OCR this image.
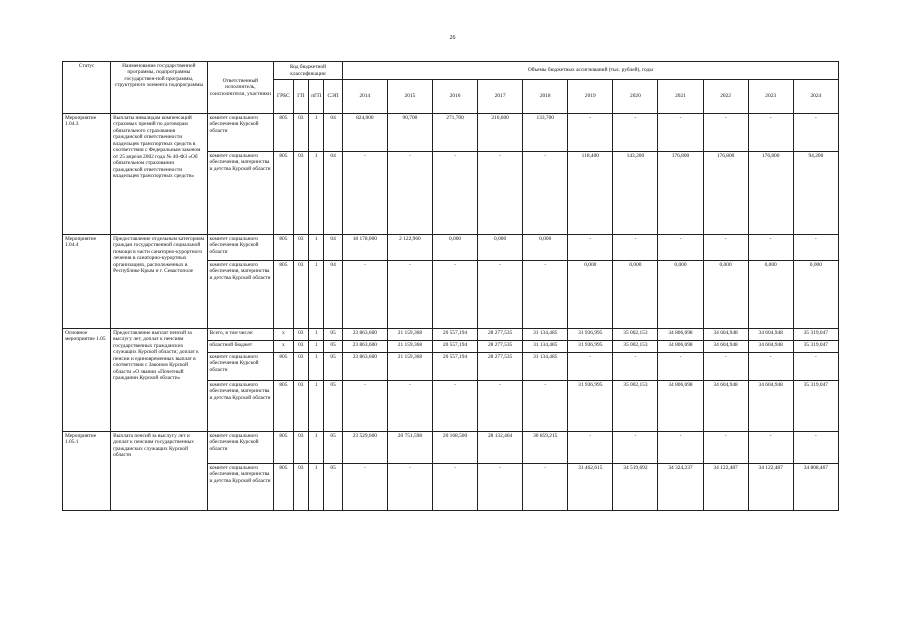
26
Статус	Наименование государственной программы, подпрограммы государствен-ной программы, структурного элемента подпрограммы	Ответственный исполнитель, соисполнители, участники	Код бюджетной классификации				Объемы бюджетных ассигнований (тыс. рублей), годы										
			ГРБС	ГП	пГП	СЭП	2014	2015	2016	2017	2018	2019	2020	2021	2022	2023	2024
Мероприятие 1.04.3	Выплаты инвалидам компенсаций страховых премий по договорам обязательного страхования гражданской ответственности владельцев транспортных средств в соответствии с Федеральным законом от 25 апреля 2002 года № 40-ФЗ «Об обязательном страховании гражданской ответственности владельцев транспортных средств»	комитет социального обеспечения Курской области	805	03	1	04	824,000	90,700	271,700	216,600	133,700	-	-	-	-	-	-
		комитет социального обеспечения, материнства и детства Курской области	805	03	1	04	-	-	-	-	-	118,400	143,200	176,800	176,800	176,800	94,200
Мероприятие 1.04.4	Предоставление отдельным категориям граждан государственной социальной помощи в части санаторно-курортного лечения в санаторно-курортных организациях, расположенных в Республике Крым и г. Севастополе	комитет социального обеспечения Курской области	805	03	1	04	18 178,000	2 122,960	0,000	0,000	0,000	-	-	-	-	-	-
		комитет социального обеспечения, материнства и детства Курской области	805	03	1	04	-	-	-	-	-	0,000	0,000	0,000	0,000	0,000	0,000
Основное мероприятие 1.05	Предоставление выплат пенсий за выслугу лет, доплат к пенсиям государственных гражданских служащих Курской области; доплат к пенсии и единовременных выплат в соответствии с Законом Курской области «О звании «Почетный гражданин Курской области»	Всего, в том числе:	x	03	1	05	23 863,600	21 159,368	20 557,194	28 277,535	31 134,485	31 936,995	35 002,153	34 806,698	34 604,948	34 604,948	35 319,047
		областной бюджет	x	03	1	05	23 863,600	21 159,368	20 557,194	28 277,535	31 134,485	31 936,995	35 002,153	34 806,698	34 604,948	34 604,948	35 319,047
		комитет социального обеспечения Курской области	805	03	1	05	23 863,600	21 159,368	20 557,194	28 277,535	31 134,485	-	-	-	-	-	-
		комитет социального обеспечения, материнства и детства Курской области	805	03	1	05	-	-	-	-	-	31 936,995	35 002,153	34 806,698	34 604,948	34 604,948	35 319,047
Мероприятие 1.05.1	Выплата пенсий за выслугу лет и доплат к пенсиям государственных гражданских служащих Курской области	комитет социального обеспечения Курской области	805	03	1	05	23 529,600	20 751,598	20 168,500	28 132,464	30 859,215	-	-	-	-	-	-
		комитет социального обеспечения, материнства и детства Курской области	805	03	1	05	-	-	-	-	-	31 462,615	34 519,692	34 324,237	34 122,487	34 122,487	34 808,467
